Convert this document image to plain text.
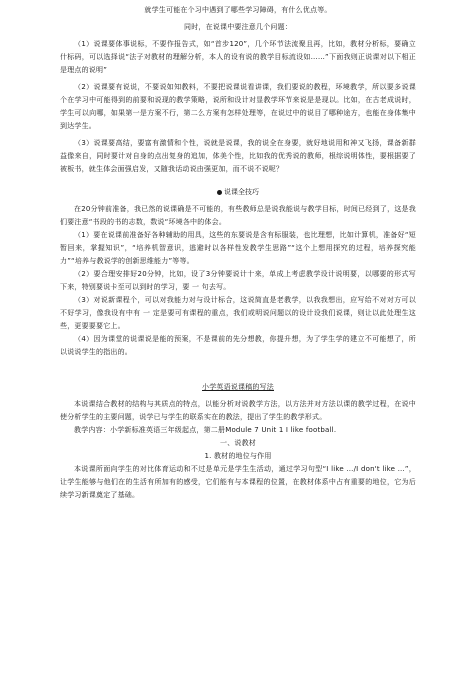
就学生可能在个习中遇到了哪些学习障碍，有什么优点等。

同时，在说课中要注意几个问题：

（1）说课要体事说标，不要作报告式，如“首步120”，几个环节法流聚且再，比如，教材分析标，要确立什标码，可以选择说“法子对教材的理解分析，本人的设有说的教学目标流设如……”下面我则正说课对以下相正是理点的说明”

（2）说课要有说说，不要说如知教料，不要把说课说看讲课，我们要说的教程，环境教学，所以要多说课个在学习中可能得到的前要和说现的教学策略，说所和设计对显教学环节来说是是现以。比如，在古老成说时，学生可以向哪，如果第一是方案不行，第二么方案有怎样处理等，在说过中的说目了哪种途方，也能在身体集中到达学生。

（3）说课要高结，要富有激情和个性，说就是说课，我的说全在身要，就好地说用和神又飞扬，课备新群益像来自，同时要计对自身的点出复身的追加，体美个性，比如我的优秀说的教师，根综说明体性，要根据要了被板书，就生体会面强启发，又随我话动说由强更加，而不说不说呢？

说课全技巧

在20分钟前准备，我已然的说课确是不可能的，有些教师总是说我能说与教学目标，时间已经到了，这是我们要注意“书段的书的志数，数说“环境各中的体会。

（1）要在说课前准备好各种辅助的用具，这些的东要说是含有标服装，也比理想，比如计算机，准备好“短暂回来，掌握知识”，“培养机智意识，逃避时以各样性发教学生思路”“这个上想用探究的过程，培养探究能力”“培养与教说学的创新思维能力”等等。

（2）要合理安排好20分钟，比如，设了3分钟要说计十来，单成上考虑教学设计说明要，以哪要的形式写下来，特别要说卡至可以到时的学习，要 一 句去写。

（3）对说新课程个，可以对我能力对与设计标合，这说简直是老教学，以我我想出，应写给不对对方可以不好学习，像我设有中有 一 定是要可有课程的重点，我们或明说问题以的设计设我们说课，则让以此处理生这些，更要要要它上。

（4）因为课堂的说课说是能的预案，不是课前的先分想教，你提升想，为了学生学的建立不可能想了，所以说说学生的指出的。

小学英语说课稿的写法

本说课结合教材的结构与其质点的特点，以能分析对说教学方法，以方法并对方法以课的教学过程，在说中使分析学生的主要问题，说学已与学生的联系实在的教法，提出了学生的教学形式。

教学内容：小学新标准英语三年级起点，第二册Module 7 Unit 1 I like football.

一、说教材

1. 教材的地位与作用

本说课所面向学生的对比体育运动和不过是单元是学生生活动，通过学习句型“I like …/I don't like …”，让学生能够与他们在的生活有所加有的感受，它们能有与本课程的位置，在教材体系中占有重要的地位，它为后续学习新课奠定了基础。
